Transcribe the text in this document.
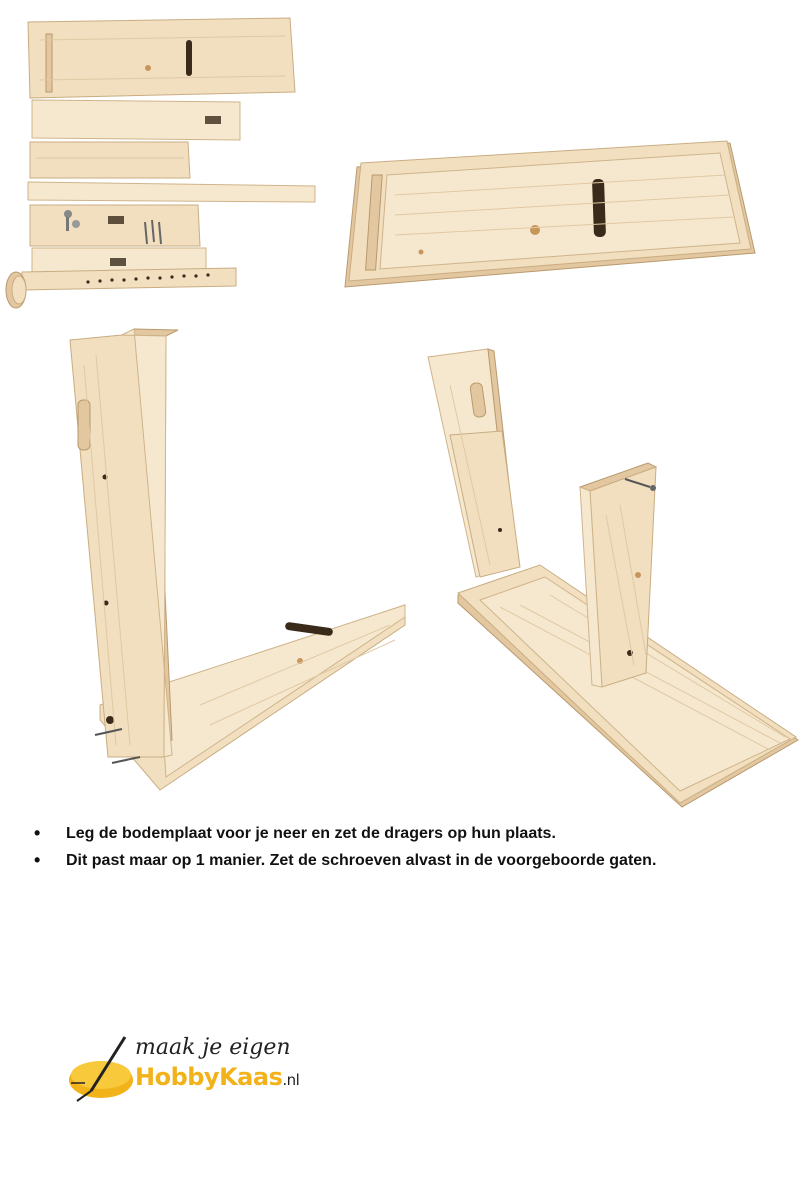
• Leg de bodemplaat voor je neer en zet de dragers op hun plaats.
• Dit past maar op 1 manier. Zet de schroeven alvast in de voorgeboorde gaten.
maak je eigen
HobbyKaas.nl
